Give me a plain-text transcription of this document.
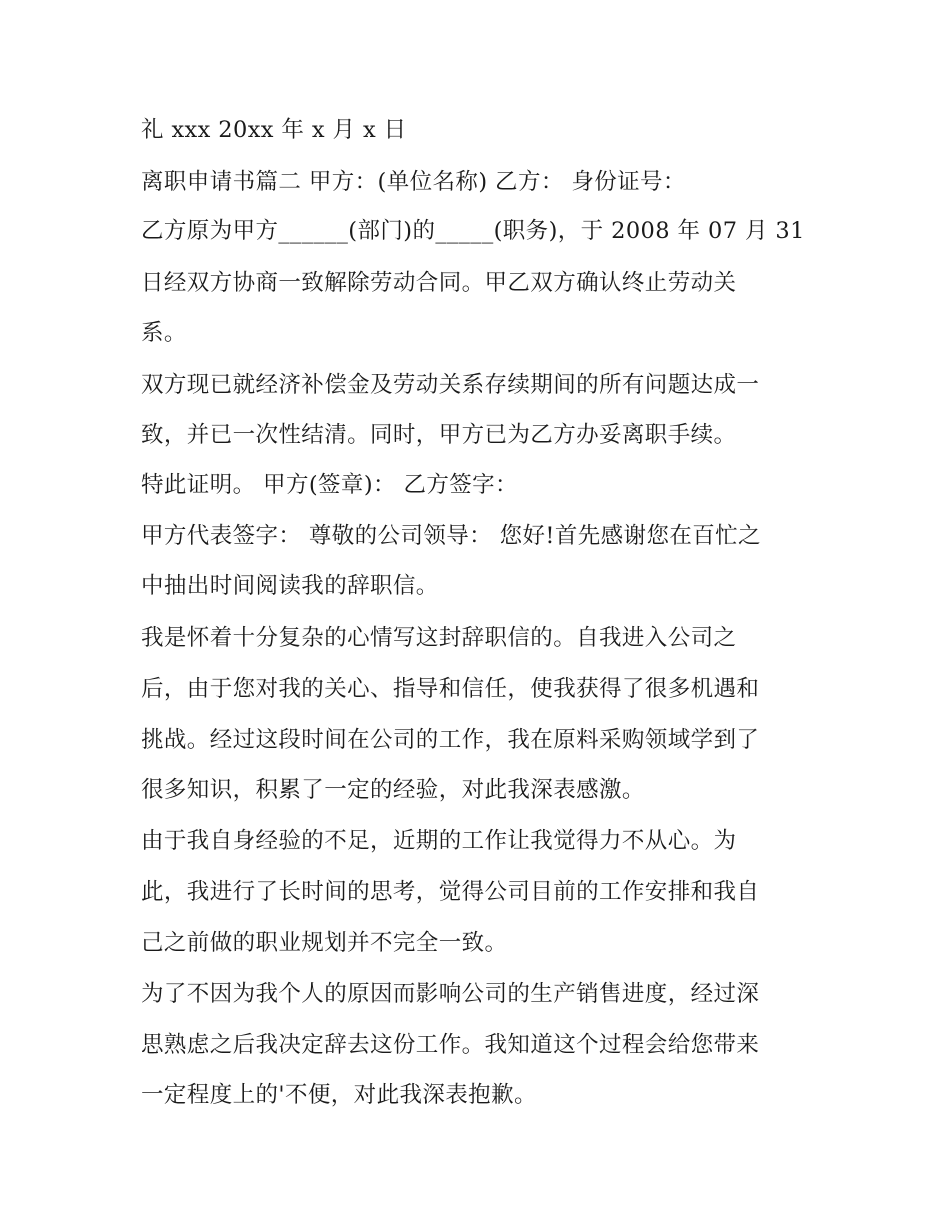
礼 xxx 20xx 年 x 月 x 日
离职申请书篇二 甲方：(单位名称) 乙方： 身份证号：
乙方原为甲方______(部门)的_____(职务)，于 2008 年 07 月 31
日经双方协商一致解除劳动合同。甲乙双方确认终止劳动关
系。
双方现已就经济补偿金及劳动关系存续期间的所有问题达成一
致，并已一次性结清。同时，甲方已为乙方办妥离职手续。
特此证明。 甲方(签章)： 乙方签字：
甲方代表签字： 尊敬的公司领导： 您好!首先感谢您在百忙之
中抽出时间阅读我的辞职信。
我是怀着十分复杂的心情写这封辞职信的。自我进入公司之
后，由于您对我的关心、指导和信任，使我获得了很多机遇和
挑战。经过这段时间在公司的工作，我在原料采购领域学到了
很多知识，积累了一定的经验，对此我深表感激。
由于我自身经验的不足，近期的工作让我觉得力不从心。为
此，我进行了长时间的思考，觉得公司目前的工作安排和我自
己之前做的职业规划并不完全一致。
为了不因为我个人的原因而影响公司的生产销售进度，经过深
思熟虑之后我决定辞去这份工作。我知道这个过程会给您带来
一定程度上的'不便，对此我深表抱歉。
